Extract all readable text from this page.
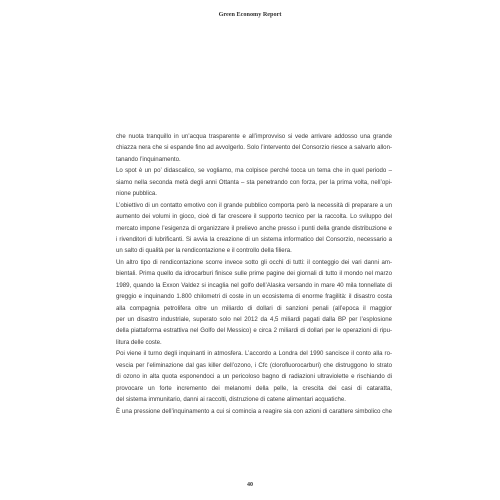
Green Economy Report
che nuota tranquillo in un’acqua trasparente e all’improvviso si vede arrivare addosso una grande
chiazza nera che si espande fino ad avvolgerlo. Solo l’intervento del Consorzio riesce a salvarlo allon-
tanando l’inquinamento.
Lo spot è un po’ didascalico, se vogliamo, ma colpisce perché tocca un tema che in quel periodo –
siamo nella seconda metà degli anni Ottanta – sta penetrando con forza, per la prima volta, nell’opi-
nione pubblica.
L’obiettivo di un contatto emotivo con il grande pubblico comporta però la necessità di preparare a un
aumento dei volumi in gioco, cioè di far crescere il supporto tecnico per la raccolta. Lo sviluppo del
mercato impone l’esigenza di organizzare il prelievo anche presso i punti della grande distribuzione e
i rivenditori di lubrificanti. Si avvia la creazione di un sistema informatico del Consorzio, necessario a
un salto di qualità per la rendicontazione e il controllo della filiera.
Un altro tipo di rendicontazione scorre invece sotto gli occhi di tutti: il conteggio dei vari danni am-
bientali. Prima quello da idrocarburi finisce sulle prime pagine dei giornali di tutto il mondo nel marzo
1989, quando la Exxon Valdez si incaglia nel golfo dell’Alaska versando in mare 40 mila tonnellate di
greggio e inquinando 1.800 chilometri di coste in un ecosistema di enorme fragilità: il disastro costa
alla compagnia petrolifera oltre un miliardo di dollari di sanzioni penali (all’epoca il maggior
per un disastro industriale, superato solo nel 2012 da 4,5 miliardi pagati dalla BP per l’esplosione
della piattaforma estrattiva nel Golfo del Messico) e circa 2 miliardi di dollari per le operazioni di ripu-
litura delle coste.
Poi viene il turno degli inquinanti in atmosfera. L’accordo a Londra del 1990 sancisce il conto alla ro-
vescia per l’eliminazione dal gas killer dell’ozono, i Cfc (clorofluorocarburi) che distruggono lo strato
di ozono in alta quota esponendoci a un pericoloso bagno di radiazioni ultraviolette e rischiando di
provocare un forte incremento dei melanomi della pelle, la crescita dei casi di cataratta,
del sistema immunitario, danni ai raccolti, distruzione di catene alimentari acquatiche.
È una pressione dell’inquinamento a cui si comincia a reagire sia con azioni di carattere simbolico che
40
